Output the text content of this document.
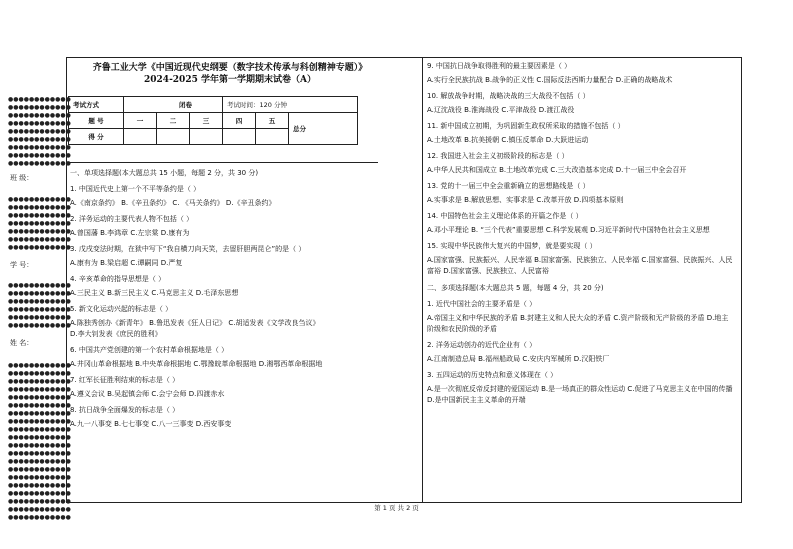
●●●●●●●●●●●●
●●●●●●●●●●●●
●●●●●●●●●●●●
●●●●●●●●●●●●
●●●●●●●●●●●●
●●●●●●●●●●●●
●●●●●●●●●●●●
●●●●●●●●●●●●
●●●●●●●●●●●●
班 级：
●●●●●●●●●●●●
●●●●●●●●●●●●
●●●●●●●●●●●●
●●●●●●●●●●●●
●●●●●●●●●●●●
●●●●●●●●●●●●
●●●●●●●●●●●●
学 号：
●●●●●●●●●●●●
●●●●●●●●●●●●
●●●●●●●●●●●●
●●●●●●●●●●●●
●●●●●●●●●●●●
●●●●●●●●●●●●
姓 名：
●●●●●●●●●●●●
●●●●●●●●●●●●
●●●●●●●●●●●●
●●●●●●●●●●●●
●●●●●●●●●●●●
●●●●●●●●●●●●
●●●●●●●●●●●●
●●●●●●●●●●●●
●●●●●●●●●●●●
●●●●●●●●●●●●
●●●●●●●●●●●●
●●●●●●●●●●●●
●●●●●●●●●●●●
●●●●●●●●●●●●
●●●●●●●●●●●●
●●●●●●●●●●●●
●●●●●●●●●●●●
●●●●●●●●●●●●
●●●●●●●●●●●●
●●●●●●●●●●●●
齐鲁工业大学《中国近现代史纲要（数字技术传承与科创精神专题）》
2024-2025 学年第一学期期末试卷（A）
考试方式	闭卷			考试时间：120 分钟		
题 号	一	二	三	四	五	总分
得 分						

一、单项选择题(本大题总共 15 小题，每题 2 分，共 30 分)

1. 中国近代史上第一个不平等条约是（ ）

A.《南京条约》 B.《辛丑条约》 C. 《马关条约》 D.《辛丑条约》

2. 洋务运动的主要代表人物不包括（ ）

A.曾国藩 B.李鸿章 C.左宗棠 D.康有为

3. 戊戌变法时期，在狱中写下“我自横刀向天笑，去留肝胆两昆仑”的是（ ）

A.康有为 B.梁启超 C.谭嗣同 D.严复

4. 辛亥革命的指导思想是（ ）

A.三民主义 B.新三民主义 C.马克思主义 D.毛泽东思想

5. 新文化运动兴起的标志是（ ）

A.陈独秀创办《新青年》 B.鲁迅发表《狂人日记》 C.胡适发表《文学改良刍议》

D.李大钊发表《庶民的胜利》

6. 中国共产党创建的第一个农村革命根据地是（ ）

A.井冈山革命根据地 B.中央革命根据地 C.鄂豫皖革命根据地 D.湘鄂西革命根据地

7. 红军长征胜利结束的标志是（ ）

A.遵义会议 B.吴起镇会师 C.会宁会师 D.四渡赤水

8. 抗日战争全面爆发的标志是（ ）

A.九一八事变 B.七七事变 C.八一三事变 D.西安事变

9. 中国抗日战争取得胜利的最主要因素是（ ）

A.实行全民族抗战 B.战争的正义性 C.国际反法西斯力量配合 D.正确的战略战术

10. 解放战争时期，战略决战的三大战役不包括（ ）

A.辽沈战役 B.淮海战役 C.平津战役 D.渡江战役

11. 新中国成立初期，为巩固新生政权所采取的措施不包括（ ）

A.土地改革 B.抗美援朝 C.镇压反革命 D.大跃进运动

12. 我国进入社会主义初级阶段的标志是（ ）

A.中华人民共和国成立 B.土地改革完成 C.三大改造基本完成 D.十一届三中全会召开

13. 党的十一届三中全会重新确立的思想路线是（ ）

A.实事求是 B.解放思想、实事求是 C.改革开放 D.四项基本原则

14. 中国特色社会主义理论体系的开篇之作是（ ）

A.邓小平理论 B. “三个代表”重要思想 C.科学发展观 D.习近平新时代中国特色社会主义思想

15. 实现中华民族伟大复兴的中国梦，就是要实现（ ）

A.国家富强、民族振兴、人民幸福 B.国家富强、民族独立、人民幸福 C.国家富强、民族振兴、人民富裕 D.国家富强、民族独立、人民富裕

二、多项选择题(本大题总共 5 题，每题 4 分，共 20 分)

1. 近代中国社会的主要矛盾是（ ）

A.帝国主义和中华民族的矛盾 B.封建主义和人民大众的矛盾 C.资产阶级和无产阶级的矛盾 D.地主阶级和农民阶级的矛盾

2. 洋务运动创办的近代企业有（ ）

A.江南制造总局 B.福州船政局 C.安庆内军械所 D.汉阳铁厂

3. 五四运动的历史特点和意义体现在（ ）

A.是一次彻底反帝反封建的爱国运动 B.是一场真正的群众性运动 C.促进了马克思主义在中国的传播 D.是中国新民主主义革命的开端

第 1 页 共 2 页
